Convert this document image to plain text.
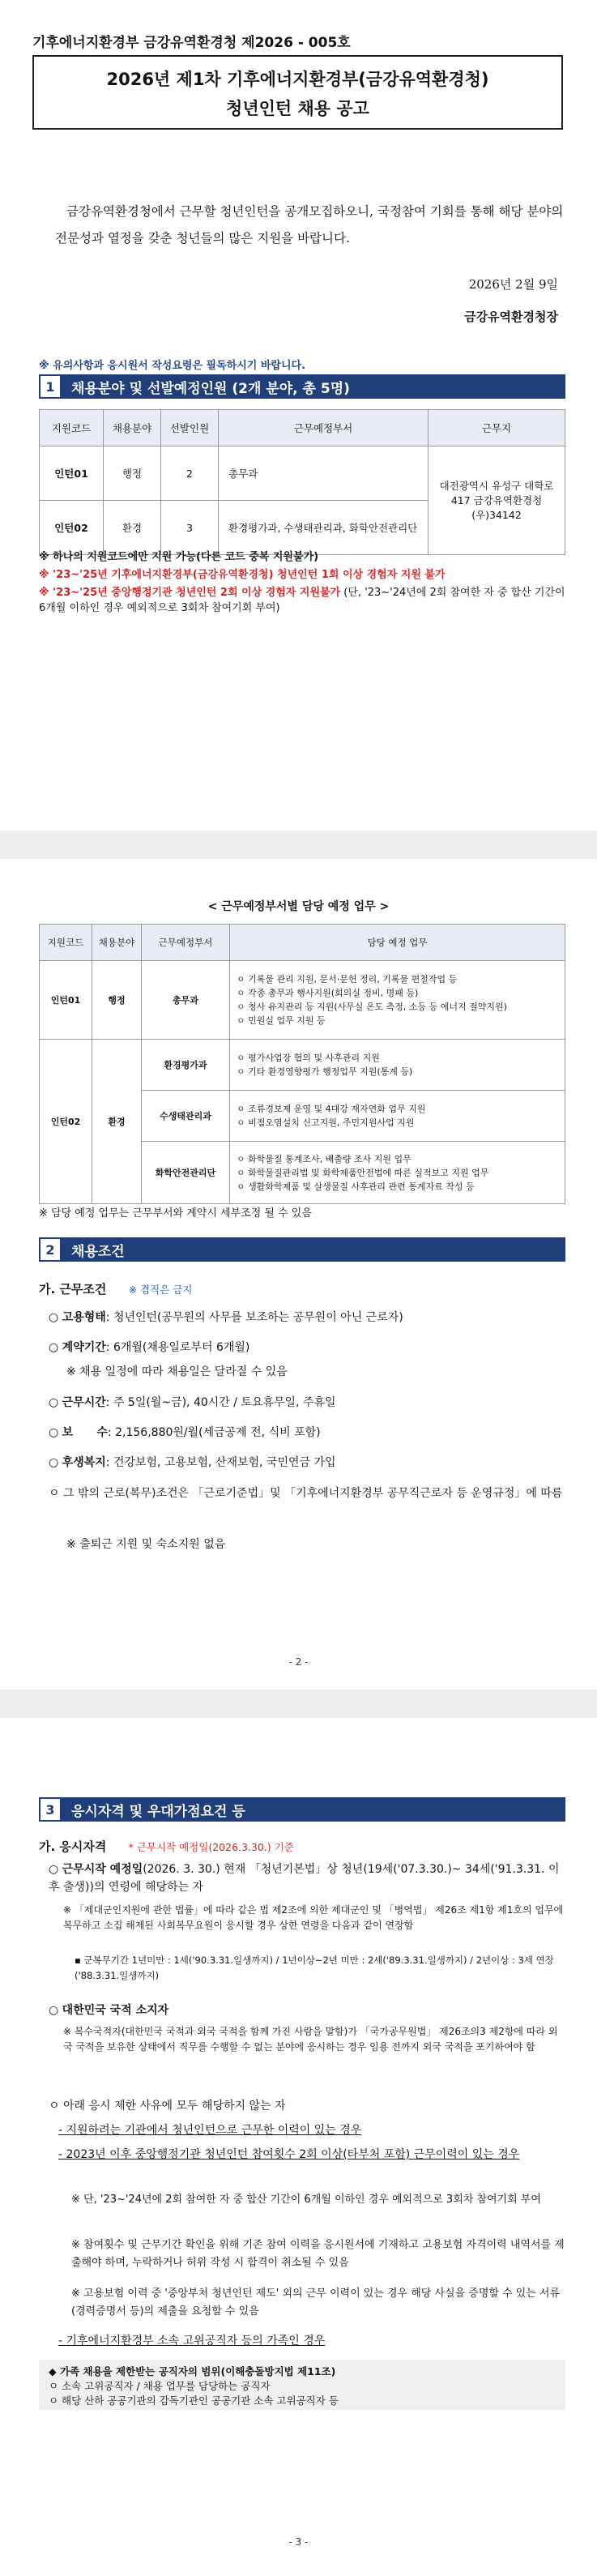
기후에너지환경부 금강유역환경청 제2026 - 005호
2026년 제1차 기후에너지환경부(금강유역환경청)
청년인턴 채용 공고
금강유역환경청에서 근무할 청년인턴을 공개모집하오니, 국정참여 기회를 통해 해당 분야의 전문성과 열정을 갖춘 청년들의 많은 지원을 바랍니다.
2026년 2월 9일
금강유역환경청장
※ 유의사항과 응시원서 작성요령은 필독하시기 바랍니다.
1	채용분야 및 선발예정인원 (2개 분야, 총 5명)
지원코드	채용분야	선발인원	근무예정부서	근무지
인턴01	행정	2	총무과	대전광역시 유성구 대학로 417 금강유역환경청 (우)34142
인턴02	환경	3	환경평가과, 수생태관리과, 화학안전관리단	
※ 하나의 지원코드에만 지원 가능(다른 코드 중복 지원불가)
※ '23~'25년 기후에너지환경부(금강유역환경청) 청년인턴 1회 이상 경험자 지원 불가
※ '23~'25년 중앙행정기관 청년인턴 2회 이상 경험자 지원불가 (단, '23~'24년에 2회 참여한 자 중 합산 기간이 6개월 이하인 경우 예외적으로 3회차 참여기회 부여)
< 근무예정부서별 담당 예정 업무 >
지원코드	채용분야	근무예정부서	담당 예정 업무
인턴01	행정	총무과	ㅇ 기록물 관리 지원, 문서·문헌 정리, 기록물 편철작업 등
ㅇ 각종 총무과 행사지원(회의실 정비, 명패 등)
ㅇ 청사 유지관리 등 지원(사무실 온도 측정, 소등 등 에너지 절약지원)
ㅇ 민원실 업무 지원 등

인턴02	환경	환경평가과	ㅇ 평가사업장 협의 및 사후관리 지원
ㅇ 기타 환경영향평가 행정업무 지원(통계 등)

		수생태관리과	ㅇ 조류경보제 운영 및 4대강 재자연화 업무 지원
ㅇ 비점오염설치 신고지원, 주민지원사업 지원

		화학안전관리단	ㅇ 화학물질 통계조사, 배출량 조사 지원 업무
ㅇ 화학물질관리법 및 화학제품안전법에 따른 실적보고 지원 업무
ㅇ 생활화학제품 및 살생물질 사후관리 관련 통계자료 작성 등
※ 담당 예정 업무는 근무부서와 계약시 세부조정 될 수 있음
2	채용조건
가. 근무조건 ※ 겸직은 금지
○ 고용형태: 청년인턴(공무원의 사무를 보조하는 공무원이 아닌 근로자)
○ 계약기간: 6개월(채용일로부터 6개월)
※ 채용 일정에 따라 채용일은 달라질 수 있음
○ 근무시간: 주 5일(월~금), 40시간 / 토요휴무일, 주휴일
○ 보      수: 2,156,880원/월(세금공제 전, 식비 포함)
○ 후생복지: 건강보험, 고용보험, 산재보험, 국민연금 가입
ㅇ 그 밖의 근로(복무)조건은 「근로기준법」및 「기후에너지환경부 공무직근로자 등 운영규정」에 따름
※ 출퇴근 지원 및 숙소지원 없음
- 2 -
3	응시자격 및 우대가점요건 등
가. 응시자격 * 근무시작 예정일(2026.3.30.) 기준
○ 근무시작 예정일(2026. 3. 30.) 현재 「청년기본법」상 청년(19세('07.3.30.)~ 34세('91.3.31. 이후 출생))의 연령에 해당하는 자
※ 「제대군인지원에 관한 법률」에 따라 같은 법 제2조에 의한 제대군인 및 「병역법」 제26조 제1항 제1호의 업무에 복무하고 소집 해제된 사회복무요원이 응시할 경우 상한 연령을 다음과 같이 연장함
▪ 군복무기간 1년미만 : 1세('90.3.31.일생까지) / 1년이상~2년 미만 : 2세('89.3.31.일생까지) / 2년이상 : 3세 연장('88.3.31.일생까지)
○ 대한민국 국적 소지자
※ 복수국적자(대한민국 국적과 외국 국적을 함께 가진 사람을 말함)가 「국가공무원법」 제26조의3 제2항에 따라 외국 국적을 보유한 상태에서 직무를 수행할 수 없는 분야에 응시하는 경우 임용 전까지 외국 국적을 포기하여야 함
ㅇ 아래 응시 제한 사유에 모두 해당하지 않는 자
- 지원하려는 기관에서 청년인턴으로 근무한 이력이 있는 경우
- 2023년 이후 중앙행정기관 청년인턴 참여횟수 2회 이상(타부처 포함) 근무이력이 있는 경우
※ 단, '23~'24년에 2회 참여한 자 중 합산 기간이 6개월 이하인 경우 예외적으로 3회차 참여기회 부여
※ 참여횟수 및 근무기간 확인을 위해 기존 참여 이력을 응시원서에 기재하고 고용보험 자격이력 내역서를 제출해야 하며, 누락하거나 허위 작성 시 합격이 취소될 수 있음
※ 고용보험 이력 중 '중앙부처 청년인턴 제도' 외의 근무 이력이 있는 경우 해당 사실을 증명할 수 있는 서류(경력증명서 등)의 제출을 요청할 수 있음
- 기후에너지환경부 소속 고위공직자 등의 가족인 경우
◆ 가족 채용을 제한받는 공직자의 범위(이해충돌방지법 제11조)
ㅇ 소속 고위공직자 / 채용 업무를 담당하는 공직자
ㅇ 해당 산하 공공기관의 감독기관인 공공기관 소속 고위공직자 등
- 3 -
